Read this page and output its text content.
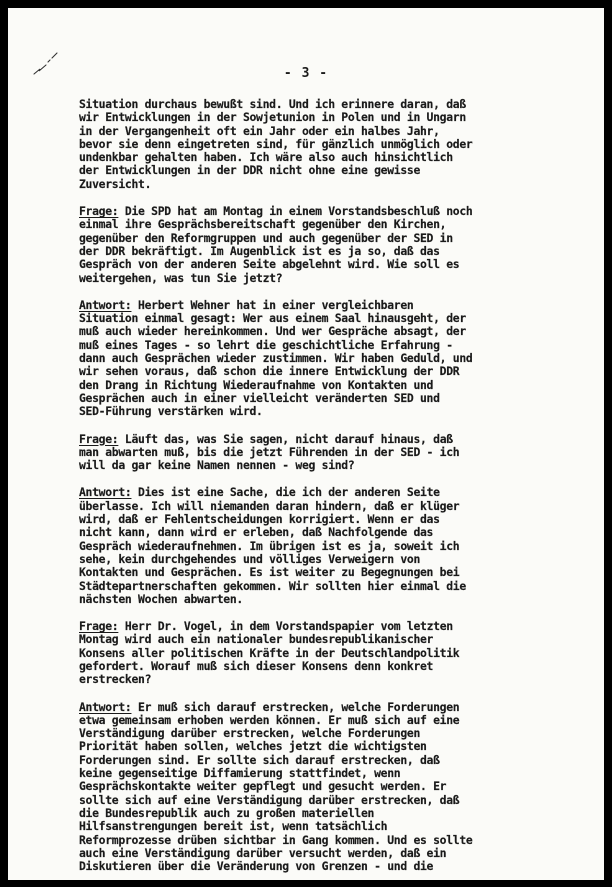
- 3 -
Situation durchaus bewußt sind. Und ich erinnere daran, daß
wir Entwicklungen in der Sowjetunion in Polen und in Ungarn
in der Vergangenheit oft ein Jahr oder ein halbes Jahr,
bevor sie denn eingetreten sind, für gänzlich unmöglich oder
undenkbar gehalten haben. Ich wäre also auch hinsichtlich
der Entwicklungen in der DDR nicht ohne eine gewisse
Zuversicht.
Frage: Die SPD hat am Montag in einem Vorstandsbeschluß noch
einmal ihre Gesprächsbereitschaft gegenüber den Kirchen,
gegenüber den Reformgruppen und auch gegenüber der SED in
der DDR bekräftigt. Im Augenblick ist es ja so, daß das
Gespräch von der anderen Seite abgelehnt wird. Wie soll es
weitergehen, was tun Sie jetzt?
Antwort: Herbert Wehner hat in einer vergleichbaren
Situation einmal gesagt: Wer aus einem Saal hinausgeht, der
muß auch wieder hereinkommen. Und wer Gespräche absagt, der
muß eines Tages - so lehrt die geschichtliche Erfahrung -
dann auch Gesprächen wieder zustimmen. Wir haben Geduld, und
wir sehen voraus, daß schon die innere Entwicklung der DDR
den Drang in Richtung Wiederaufnahme von Kontakten und
Gesprächen auch in einer vielleicht veränderten SED und
SED-Führung verstärken wird.
Frage: Läuft das, was Sie sagen, nicht darauf hinaus, daß
man abwarten muß, bis die jetzt Führenden in der SED - ich
will da gar keine Namen nennen - weg sind?
Antwort: Dies ist eine Sache, die ich der anderen Seite
überlasse. Ich will niemanden daran hindern, daß er klüger
wird, daß er Fehlentscheidungen korrigiert. Wenn er das
nicht kann, dann wird er erleben, daß Nachfolgende das
Gespräch wiederaufnehmen. Im übrigen ist es ja, soweit ich
sehe, kein durchgehendes und völliges Verweigern von
Kontakten und Gesprächen. Es ist weiter zu Begegnungen bei
Städtepartnerschaften gekommen. Wir sollten hier einmal die
nächsten Wochen abwarten.
Frage: Herr Dr. Vogel, in dem Vorstandspapier vom letzten
Montag wird auch ein nationaler bundesrepublikanischer
Konsens aller politischen Kräfte in der Deutschlandpolitik
gefordert. Worauf muß sich dieser Konsens denn konkret
erstrecken?
Antwort: Er muß sich darauf erstrecken, welche Forderungen
etwa gemeinsam erhoben werden können. Er muß sich auf eine
Verständigung darüber erstrecken, welche Forderungen
Priorität haben sollen, welches jetzt die wichtigsten
Forderungen sind. Er sollte sich darauf erstrecken, daß
keine gegenseitige Diffamierung stattfindet, wenn
Gesprächskontakte weiter gepflegt und gesucht werden. Er
sollte sich auf eine Verständigung darüber erstrecken, daß
die Bundesrepublik auch zu großen materiellen
Hilfsanstrengungen bereit ist, wenn tatsächlich
Reformprozesse drüben sichtbar in Gang kommen. Und es sollte
auch eine Verständigung darüber versucht werden, daß ein
Diskutieren über die Veränderung von Grenzen - und die
